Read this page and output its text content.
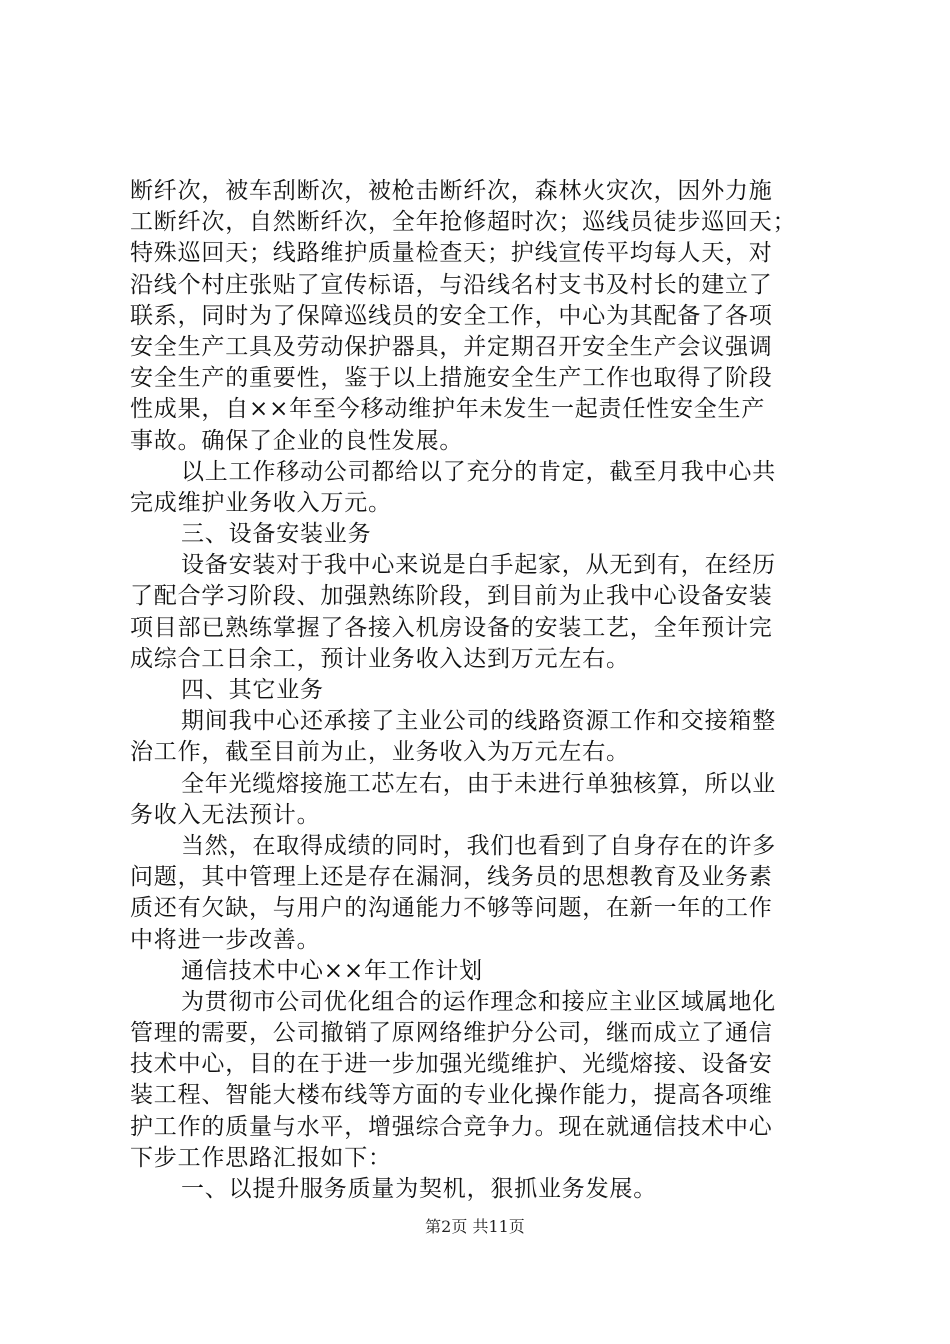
断纤次，被车刮断次，被枪击断纤次，森林火灾次，因外力施
工断纤次，自然断纤次，全年抢修超时次；巡线员徒步巡回天；
特殊巡回天；线路维护质量检查天；护线宣传平均每人天，对
沿线个村庄张贴了宣传标语，与沿线名村支书及村长的建立了
联系，同时为了保障巡线员的安全工作，中心为其配备了各项
安全生产工具及劳动保护器具，并定期召开安全生产会议强调
安全生产的重要性，鉴于以上措施安全生产工作也取得了阶段
性成果，自××年至今移动维护年未发生一起责任性安全生产
事故。确保了企业的良性发展。
以上工作移动公司都给以了充分的肯定，截至月我中心共
完成维护业务收入万元。
三、设备安装业务
设备安装对于我中心来说是白手起家，从无到有，在经历
了配合学习阶段、加强熟练阶段，到目前为止我中心设备安装
项目部已熟练掌握了各接入机房设备的安装工艺，全年预计完
成综合工日余工，预计业务收入达到万元左右。
四、其它业务
期间我中心还承接了主业公司的线路资源工作和交接箱整
治工作，截至目前为止，业务收入为万元左右。
全年光缆熔接施工芯左右，由于未进行单独核算，所以业
务收入无法预计。
当然，在取得成绩的同时，我们也看到了自身存在的许多
问题，其中管理上还是存在漏洞，线务员的思想教育及业务素
质还有欠缺，与用户的沟通能力不够等问题，在新一年的工作
中将进一步改善。
通信技术中心××年工作计划
为贯彻市公司优化组合的运作理念和接应主业区域属地化
管理的需要，公司撤销了原网络维护分公司，继而成立了通信
技术中心，目的在于进一步加强光缆维护、光缆熔接、设备安
装工程、智能大楼布线等方面的专业化操作能力，提高各项维
护工作的质量与水平，增强综合竞争力。现在就通信技术中心
下步工作思路汇报如下：
一、以提升服务质量为契机，狠抓业务发展。
第2页 共11页
